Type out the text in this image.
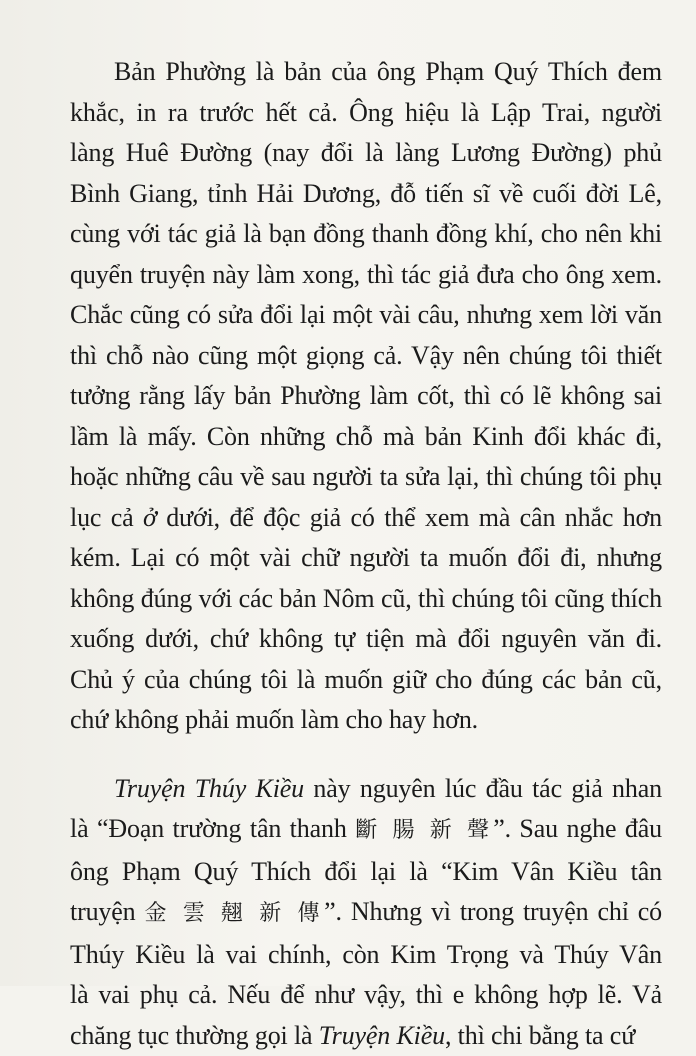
Bản Phường là bản của ông Phạm Quý Thích đem
khắc, in ra trước hết cả. Ông hiệu là Lập Trai, người
làng Huê Đường (nay đổi là làng Lương Đường) phủ
Bình Giang, tỉnh Hải Dương, đỗ tiến sĩ về cuối đời Lê,
cùng với tác giả là bạn đồng thanh đồng khí, cho nên khi
quyển truyện này làm xong, thì tác giả đưa cho ông xem.
Chắc cũng có sửa đổi lại một vài câu, nhưng xem lời văn
thì chỗ nào cũng một giọng cả. Vậy nên chúng tôi thiết
tưởng rằng lấy bản Phường làm cốt, thì có lẽ không sai
lầm là mấy. Còn những chỗ mà bản Kinh đổi khác đi,
hoặc những câu về sau người ta sửa lại, thì chúng tôi phụ
lục cả ở dưới, để độc giả có thể xem mà cân nhắc hơn
kém. Lại có một vài chữ người ta muốn đổi đi, nhưng
không đúng với các bản Nôm cũ, thì chúng tôi cũng thích
xuống dưới, chứ không tự tiện mà đổi nguyên văn đi.
Chủ ý của chúng tôi là muốn giữ cho đúng các bản cũ,
chứ không phải muốn làm cho hay hơn.
Truyện Thúy Kiều này nguyên lúc đầu tác giả nhan
là “Đoạn trường tân thanh 斷 腸 新 聲”. Sau nghe đâu
ông Phạm Quý Thích đổi lại là “Kim Vân Kiều tân
truyện 金 雲 翹 新 傳”. Nhưng vì trong truyện chỉ có
Thúy Kiều là vai chính, còn Kim Trọng và Thúy Vân
là vai phụ cả. Nếu để như vậy, thì e không hợp lẽ. Vả
chăng tục thường gọi là Truyện Kiều, thì chi bằng ta cứ
